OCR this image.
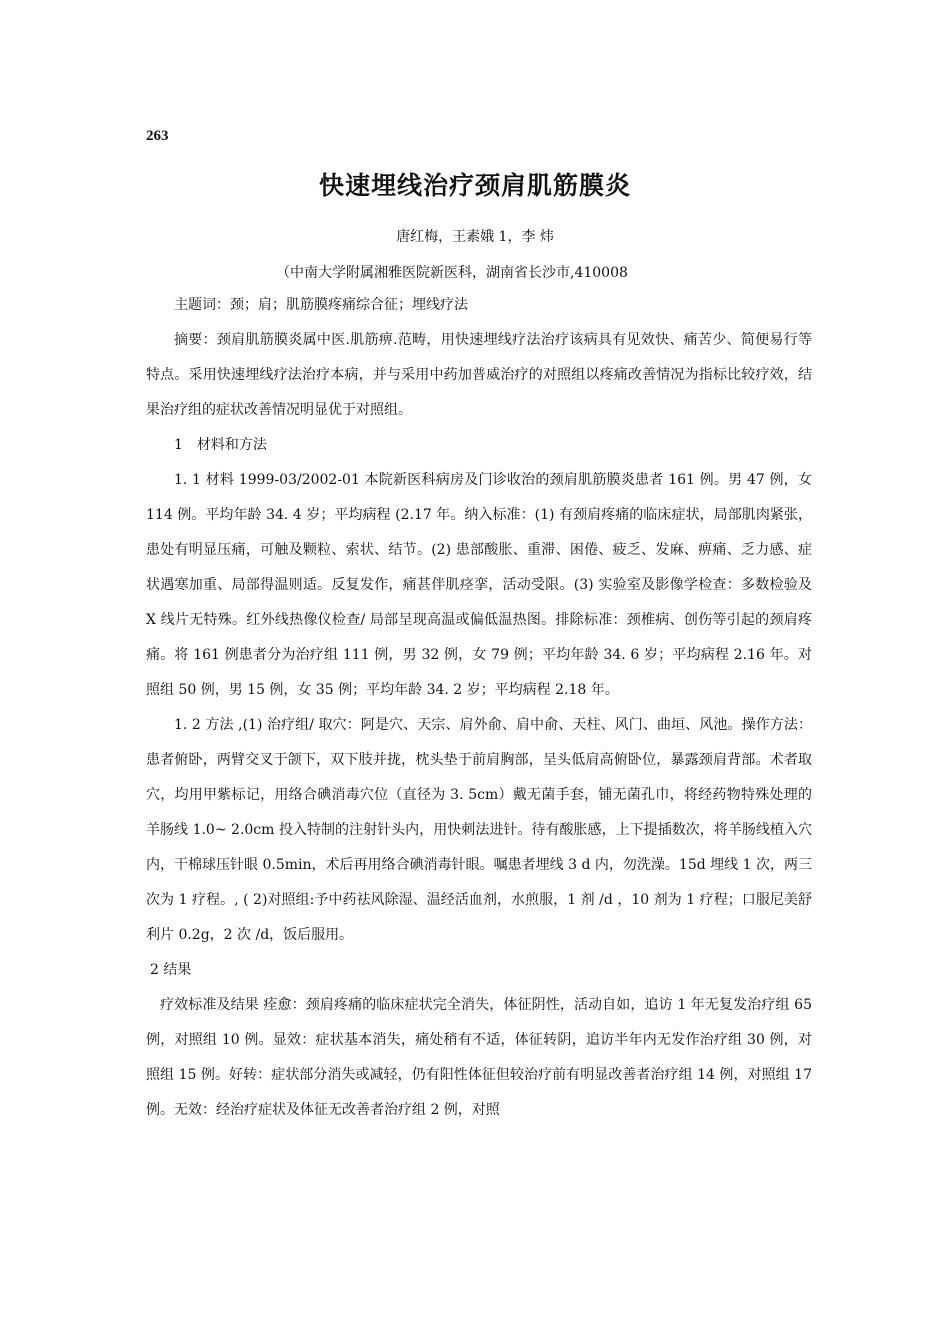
263
快速埋线治疗颈肩肌筋膜炎
唐红梅，王素娥 1，李 炜
（中南大学附属湘雅医院新医科，湖南省长沙市,410008

主题词：颈；肩；肌筋膜疼痛综合征；埋线疗法

摘要：颈肩肌筋膜炎属中医.肌筋痹.范畴，用快速埋线疗法治疗该病具有见效快、痛苦少、简便易行等特点。采用快速埋线疗法治疗本病，并与采用中药加普威治疗的对照组以疼痛改善情况为指标比较疗效，结果治疗组的症状改善情况明显优于对照组。

1　材料和方法

1. 1 材料 1999-03/2002-01 本院新医科病房及门诊收治的颈肩肌筋膜炎患者 161 例。男 47 例，女 114 例。平均年龄 34. 4 岁；平均病程 (2.17 年。纳入标准：(1) 有颈肩疼痛的临床症状，局部肌肉紧张，患处有明显压痛，可触及颗粒、索状、结节。(2) 患部酸胀、重滞、困倦、疲乏、发麻、痹痛、乏力感、症状遇寒加重、局部得温则适。反复发作，痛甚伴肌痉挛，活动受限。(3) 实验室及影像学检查：多数检验及 X 线片无特殊。红外线热像仪检查/ 局部呈现高温或偏低温热图。排除标准：颈椎病、创伤等引起的颈肩疼痛。将 161 例患者分为治疗组 111 例，男 32 例，女 79 例；平均年龄 34. 6 岁；平均病程 2.16 年。对照组 50 例，男 15 例，女 35 例；平均年龄 34. 2 岁；平均病程 2.18 年。

1. 2 方法 ,(1) 治疗组/ 取穴：阿是穴、天宗、肩外俞、肩中俞、天柱、风门、曲垣、风池。操作方法：患者俯卧，两臂交叉于颌下，双下肢并拢，枕头垫于前肩胸部，呈头低肩高俯卧位，暴露颈肩背部。术者取穴，均用甲紫标记，用络合碘消毒穴位（直径为 3. 5cm）戴无菌手套，铺无菌孔巾，将经药物特殊处理的羊肠线 1.0~ 2.0cm 投入特制的注射针头内，用快刺法进针。待有酸胀感，上下提插数次，将羊肠线植入穴内，干棉球压针眼 0.5min，术后再用络合碘消毒针眼。嘱患者埋线 3 d 内，勿洗澡。15d 埋线 1 次，两三次为 1 疗程。, ( 2)对照组:予中药祛风除湿、温经活血剂，水煎服，1 剂 /d ，10 剂为 1 疗程；口服尼美舒利片 0.2g，2 次 /d，饭后服用。

2 结果

疗效标准及结果 痊愈：颈肩疼痛的临床症状完全消失，体征阴性，活动自如，追访 1 年无复发治疗组 65 例，对照组 10 例。显效：症状基本消失，痛处稍有不适，体征转阴，追访半年内无发作治疗组 30 例，对照组 15 例。好转：症状部分消失或减轻，仍有阳性体征但较治疗前有明显改善者治疗组 14 例，对照组 17 例。无效：经治疗症状及体征无改善者治疗组 2 例，对照
